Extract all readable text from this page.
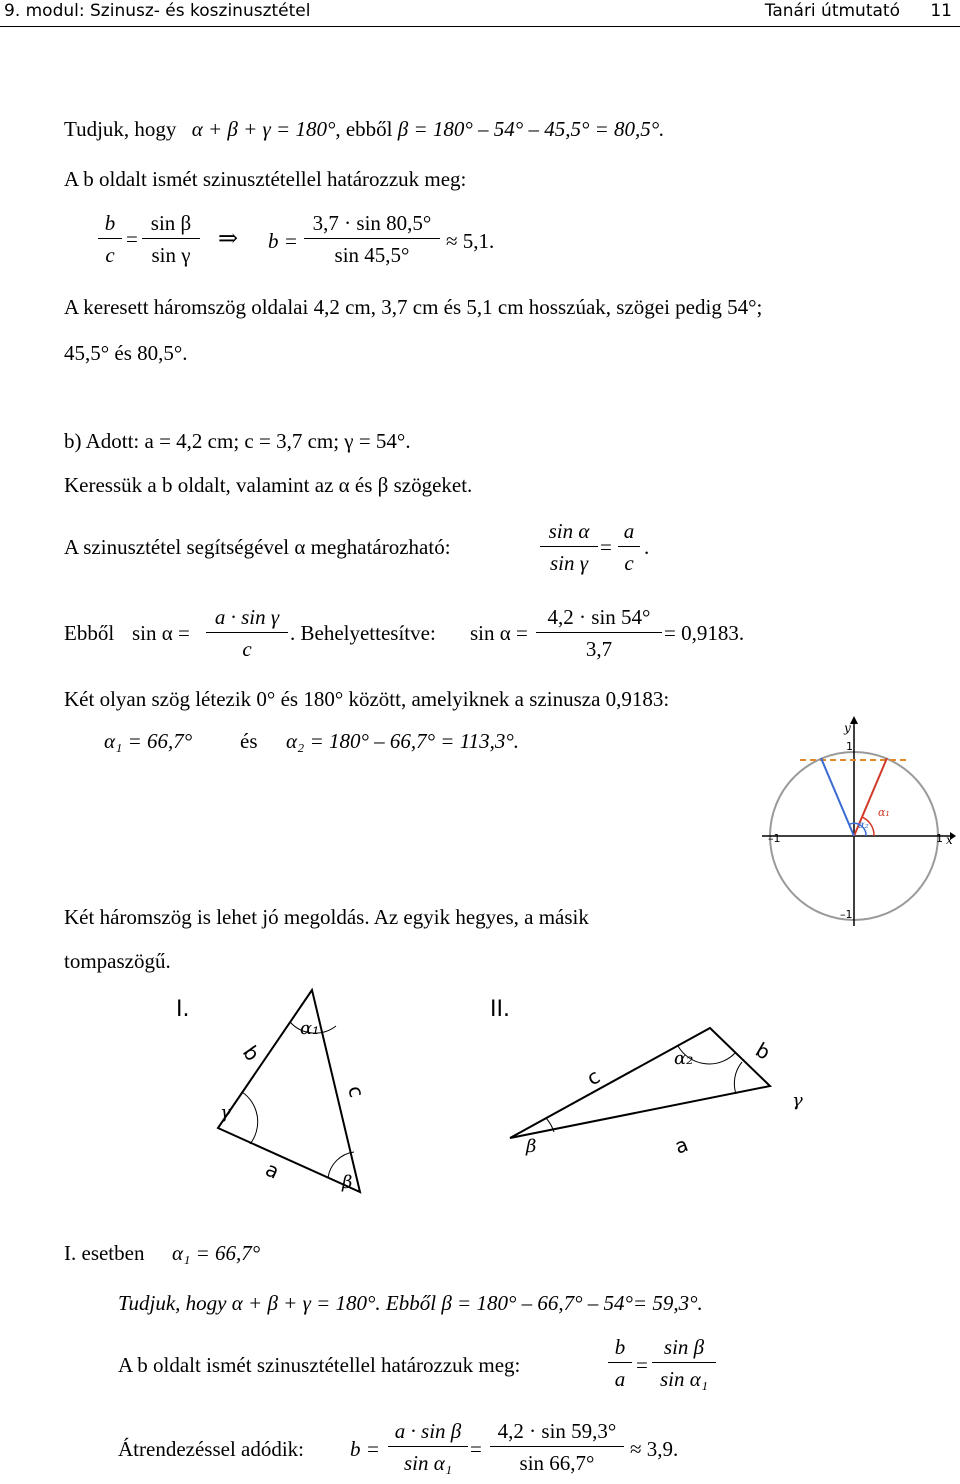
9. modul: Szinusz- és koszinusztétel	Tanári útmutató 11
Tudjuk, hogy α + β + γ = 180°, ebből β = 180° – 54° – 45,5° = 80,5°.
A b oldalt ismét szinusztétellel határozzuk meg:
$\frac{b}{c} = \frac{\text{sin β}}{\text{sin γ}}$ ⇒ $b = \frac{3,7 \cdot \sin 80,5^\circ}{\sin 45,5^\circ} \approx 5,1$.
A keresett háromszög oldalai 4,2 cm, 3,7 cm és 5,1 cm hosszúak, szögei pedig 54°;
45,5° és 80,5°.
b) Adott: a = 4,2 cm; c = 3,7 cm; γ = 54°.
Keressük a b oldalt, valamint az α és β szögeket.
A szinusztétel segítségével α meghatározható:	$\frac{\text{sin α}}{\text{sin γ}} = \frac{a}{c}$ .
Ebből $\sin \alpha = \frac{\text{a · sin γ}}{c}$ . Behelyettesítve: $\sin \alpha = \frac{4,2 \cdot \sin 54^\circ}{3,7} = 0,9183$.
Két olyan szög létezik 0° és 180° között, amelyiknek a szinusza 0,9183:
α₁ = 66,7° és α₂ = 180° – 66,7° = 113,3°.
α₁
α₂
y
x
1
1
–1
–1
Két háromszög is lehet jó megoldás. Az egyik hegyes, a másik
tompaszögű.
I.
b
α₁
c
γ
a	β
II.
α₂	b
c
γ
β	a
I. esetben α₁ = 66,7°
Tudjuk, hogy α + β + γ = 180°. Ebből β = 180° – 66,7° – 54°= 59,3°.
A b oldalt ismét szinusztétellel határozzuk meg:	$\frac{b}{a} = \frac{\text{sin β}}{\text{sin α₁}}$
Átrendezéssel adódik: $b = \frac{\text{a · sin β}}{\text{sin α₁}} = \frac{4,2 \cdot \sin 59,3^\circ}{\sin 66,7^\circ} \approx 3,9$.
